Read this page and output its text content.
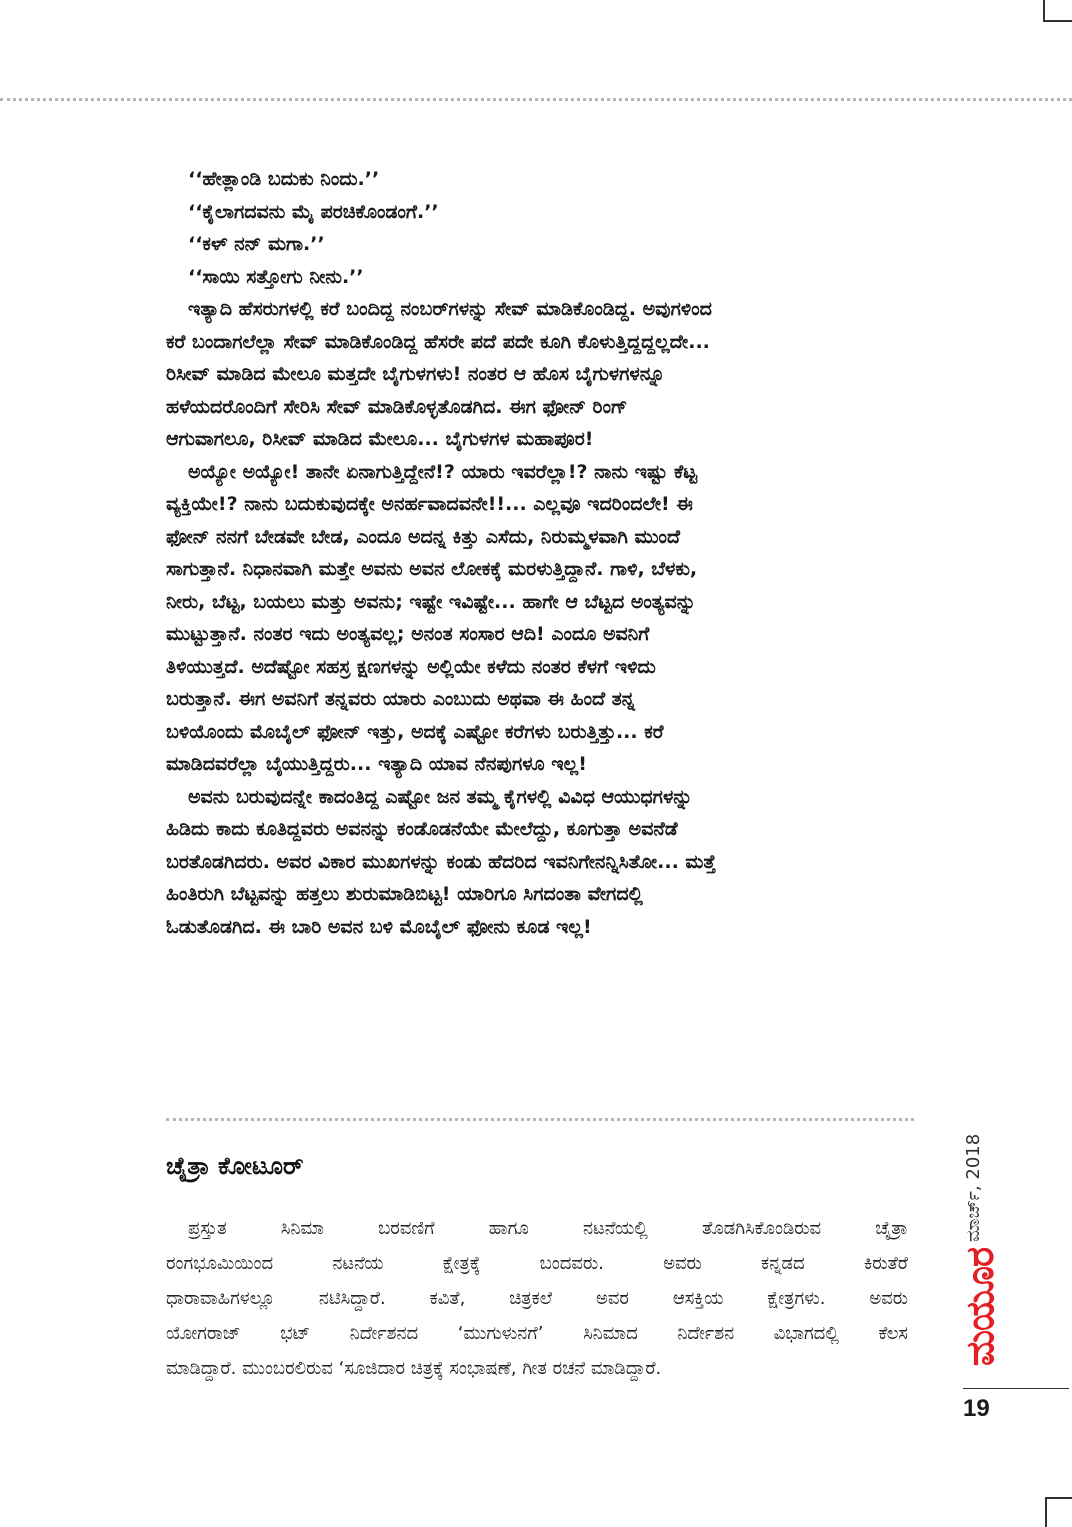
‘‘ಹೇತ್ಲಾಂಡಿ ಬದುಕು ನಿಂದು.’’
‘‘ಕೈಲಾಗದವನು ಮೈ ಪರಚಿಕೊಂಡಂಗೆ.’’
‘‘ಕಳ್ ನನ್ ಮಗಾ.’’
‘‘ಸಾಯಿ ಸತ್ತೋಗು ನೀನು.’’
ಇತ್ಯಾದಿ ಹೆಸರುಗಳಲ್ಲಿ ಕರೆ ಬಂದಿದ್ದ ನಂಬರ್‌ಗಳನ್ನು ಸೇವ್ ಮಾಡಿಕೊಂಡಿದ್ದ. ಅವುಗಳಿಂದ
ಕರೆ ಬಂದಾಗಲೆಲ್ಲಾ ಸೇವ್ ಮಾಡಿಕೊಂಡಿದ್ದ ಹೆಸರೇ ಪದೆ ಪದೇ ಕೂಗಿ ಕೊಳುತ್ತಿದ್ದದ್ದಲ್ಲದೇ...
ರಿಸೀವ್ ಮಾಡಿದ ಮೇಲೂ ಮತ್ತದೇ ಬೈಗುಳಗಳು! ನಂತರ ಆ ಹೊಸ ಬೈಗುಳಗಳನ್ನೂ
ಹಳೆಯದರೊಂದಿಗೆ ಸೇರಿಸಿ ಸೇವ್ ಮಾಡಿಕೊಳ್ಳತೊಡಗಿದ. ಈಗ ಫೋನ್ ರಿಂಗ್
ಆಗುವಾಗಲೂ, ರಿಸೀವ್ ಮಾಡಿದ ಮೇಲೂ... ಬೈಗುಳಗಳ ಮಹಾಪೂರ!
ಅಯ್ಯೋ ಅಯ್ಯೋ! ತಾನೇ ಏನಾಗುತ್ತಿದ್ದೇನೆ!? ಯಾರು ಇವರೆಲ್ಲಾ!? ನಾನು ಇಷ್ಟು ಕೆಟ್ಟ
ವ್ಯಕ್ತಿಯೇ!? ನಾನು ಬದುಕುವುದಕ್ಕೇ ಅನರ್ಹವಾದವನೇ!!... ಎಲ್ಲವೂ ಇದರಿಂದಲೇ! ಈ
ಫೋನ್ ನನಗೆ ಬೇಡವೇ ಬೇಡ, ಎಂದೂ ಅದನ್ನ ಕಿತ್ತು ಎಸೆದು, ನಿರುಮ್ಮಳವಾಗಿ ಮುಂದೆ
ಸಾಗುತ್ತಾನೆ. ನಿಧಾನವಾಗಿ ಮತ್ತೇ ಅವನು ಅವನ ಲೋಕಕ್ಕೆ ಮರಳುತ್ತಿದ್ದಾನೆ. ಗಾಳಿ, ಬೆಳಕು,
ನೀರು, ಬೆಟ್ಟ, ಬಯಲು ಮತ್ತು ಅವನು; ಇಷ್ಟೇ ಇವಿಷ್ಟೇ... ಹಾಗೇ ಆ ಬೆಟ್ಟದ ಅಂತ್ಯವನ್ನು
ಮುಟ್ಟುತ್ತಾನೆ. ನಂತರ ಇದು ಅಂತ್ಯವಲ್ಲ; ಅನಂತ ಸಂಸಾರ ಆದಿ! ಎಂದೂ ಅವನಿಗೆ
ತಿಳಿಯುತ್ತದೆ. ಅದೆಷ್ಟೋ ಸಹಸ್ರ ಕ್ಷಣಗಳನ್ನು ಅಲ್ಲಿಯೇ ಕಳೆದು ನಂತರ ಕೆಳಗೆ ಇಳಿದು
ಬರುತ್ತಾನೆ. ಈಗ ಅವನಿಗೆ ತನ್ನವರು ಯಾರು ಎಂಬುದು ಅಥವಾ ಈ ಹಿಂದೆ ತನ್ನ
ಬಳಿಯೊಂದು ಮೊಬೈಲ್ ಫೋನ್ ಇತ್ತು, ಅದಕ್ಕೆ ಎಷ್ಟೋ ಕರೆಗಳು ಬರುತ್ತಿತ್ತು... ಕರೆ
ಮಾಡಿದವರೆಲ್ಲಾ ಬೈಯುತ್ತಿದ್ದರು... ಇತ್ಯಾದಿ ಯಾವ ನೆನಪುಗಳೂ ಇಲ್ಲ!
ಅವನು ಬರುವುದನ್ನೇ ಕಾದಂತಿದ್ದ ಎಷ್ಟೋ ಜನ ತಮ್ಮ ಕೈಗಳಲ್ಲಿ ವಿವಿಧ ಆಯುಧಗಳನ್ನು
ಹಿಡಿದು ಕಾದು ಕೂತಿದ್ದವರು ಅವನನ್ನು ಕಂಡೊಡನೆಯೇ ಮೇಲೆದ್ದು, ಕೂಗುತ್ತಾ ಅವನೆಡೆ
ಬರತೊಡಗಿದರು. ಅವರ ವಿಕಾರ ಮುಖಗಳನ್ನು ಕಂಡು ಹೆದರಿದ ಇವನಿಗೇನನ್ನಿಸಿತೋ... ಮತ್ತೆ
ಹಿಂತಿರುಗಿ ಬೆಟ್ಟವನ್ನು ಹತ್ತಲು ಶುರುಮಾಡಿಬಿಟ್ಟ! ಯಾರಿಗೂ ಸಿಗದಂತಾ ವೇಗದಲ್ಲಿ
ಓಡುತೊಡಗಿದ. ಈ ಬಾರಿ ಅವನ ಬಳಿ ಮೊಬೈಲ್ ಫೋನು ಕೂಡ ಇಲ್ಲ!
ಚೈತ್ರಾ ಕೋಟೂರ್
ಪ್ರಸ್ತುತ ಸಿನಿಮಾ ಬರವಣಿಗೆ ಹಾಗೂ ನಟನೆಯಲ್ಲಿ ತೊಡಗಿಸಿಕೊಂಡಿರುವ ಚೈತ್ರಾ
ರಂಗಭೂಮಿಯಿಂದ ನಟನೆಯ ಕ್ಷೇತ್ರಕ್ಕೆ ಬಂದವರು. ಅವರು ಕನ್ನಡದ ಕಿರುತೆರೆ
ಧಾರಾವಾಹಿಗಳಲ್ಲೂ ನಟಿಸಿದ್ದಾರೆ. ಕವಿತೆ, ಚಿತ್ರಕಲೆ ಅವರ ಆಸಕ್ತಿಯ ಕ್ಷೇತ್ರಗಳು. ಅವರು
ಯೋಗರಾಜ್ ಭಟ್ ನಿರ್ದೇಶನದ ‘ಮುಗುಳುನಗೆ’ ಸಿನಿಮಾದ ನಿರ್ದೇಶನ ವಿಭಾಗದಲ್ಲಿ ಕೆಲಸ
ಮಾಡಿದ್ದಾರೆ. ಮುಂಬರಲಿರುವ ‘ಸೂಜಿದಾರ ಚಿತ್ರಕ್ಕೆ ಸಂಭಾಷಣೆ, ಗೀತ ರಚನೆ ಮಾಡಿದ್ದಾರೆ.
ಮಾರ್ಚ್, 2018
ಮಯೂರ
19
